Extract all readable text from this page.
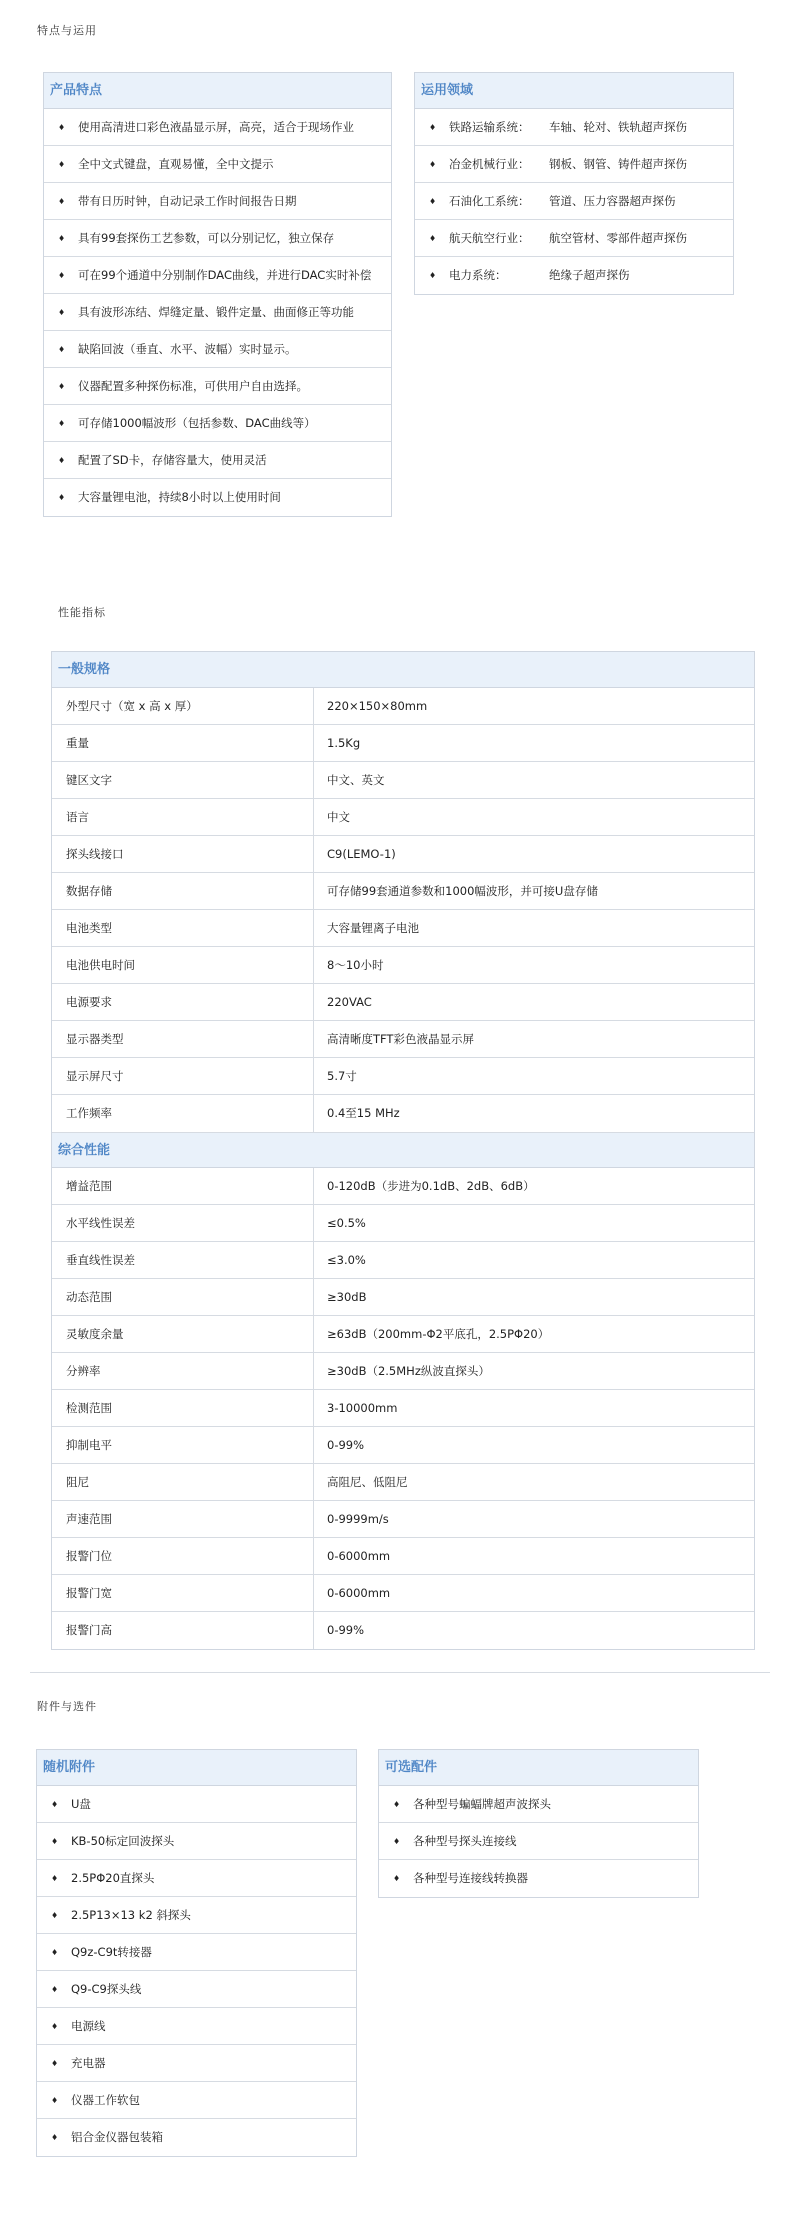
特点与运用
产品特点
♦ 使用高清进口彩色液晶显示屏，高亮，适合于现场作业
♦ 全中文式键盘，直观易懂，全中文提示
♦ 带有日历时钟，自动记录工作时间报告日期
♦ 具有99套探伤工艺参数，可以分别记忆，独立保存
♦ 可在99个通道中分别制作DAC曲线，并进行DAC实时补偿
♦ 具有波形冻结、焊缝定量、锻件定量、曲面修正等功能
♦ 缺陷回波（垂直、水平、波幅）实时显示。
♦ 仪器配置多种探伤标准，可供用户自由选择。
♦ 可存储1000幅波形（包括参数、DAC曲线等）
♦ 配置了SD卡，存储容量大，使用灵活
♦ 大容量锂电池，持续8小时以上使用时间
运用领域
♦ 铁路运输系统： 车轴、轮对、铁轨超声探伤
♦ 冶金机械行业： 钢板、钢管、铸件超声探伤
♦ 石油化工系统： 管道、压力容器超声探伤
♦ 航天航空行业： 航空管材、零部件超声探伤
♦ 电力系统：	绝缘子超声探伤
性能指标
一般规格
外型尺寸（宽 x 高 x 厚）	220×150×80mm
重量	1.5Kg
键区文字	中文、英文
语言	中文
探头线接口	C9(LEMO-1)
数据存储	可存储99套通道参数和1000幅波形，并可接U盘存储
电池类型	大容量锂离子电池
电池供电时间	8～10小时
电源要求	220VAC
显示器类型	高清晰度TFT彩色液晶显示屏
显示屏尺寸	5.7寸
工作频率	0.4至15 MHz
综合性能
增益范围	0-120dB（步进为0.1dB、2dB、6dB）
水平线性误差	≤0.5%
垂直线性误差	≤3.0%
动态范围	≥30dB
灵敏度余量	≥63dB（200mm-Φ2平底孔，2.5PΦ20）
分辨率	≥30dB（2.5MHz纵波直探头）
检测范围	3-10000mm
抑制电平	0-99%
阻尼	高阻尼、低阻尼
声速范围	0-9999m/s
报警门位	0-6000mm
报警门宽	0-6000mm
报警门高	0-99%
附件与选件
随机附件
♦ U盘
♦ KB-50标定回波探头
♦ 2.5PΦ20直探头
♦ 2.5P13×13 k2 斜探头
♦ Q9z-C9t转接器
♦ Q9-C9探头线
♦ 电源线
♦ 充电器
♦ 仪器工作软包
♦ 铝合金仪器包装箱
可选配件
♦ 各种型号蝙蝠牌超声波探头
♦ 各种型号探头连接线
♦ 各种型号连接线转换器
